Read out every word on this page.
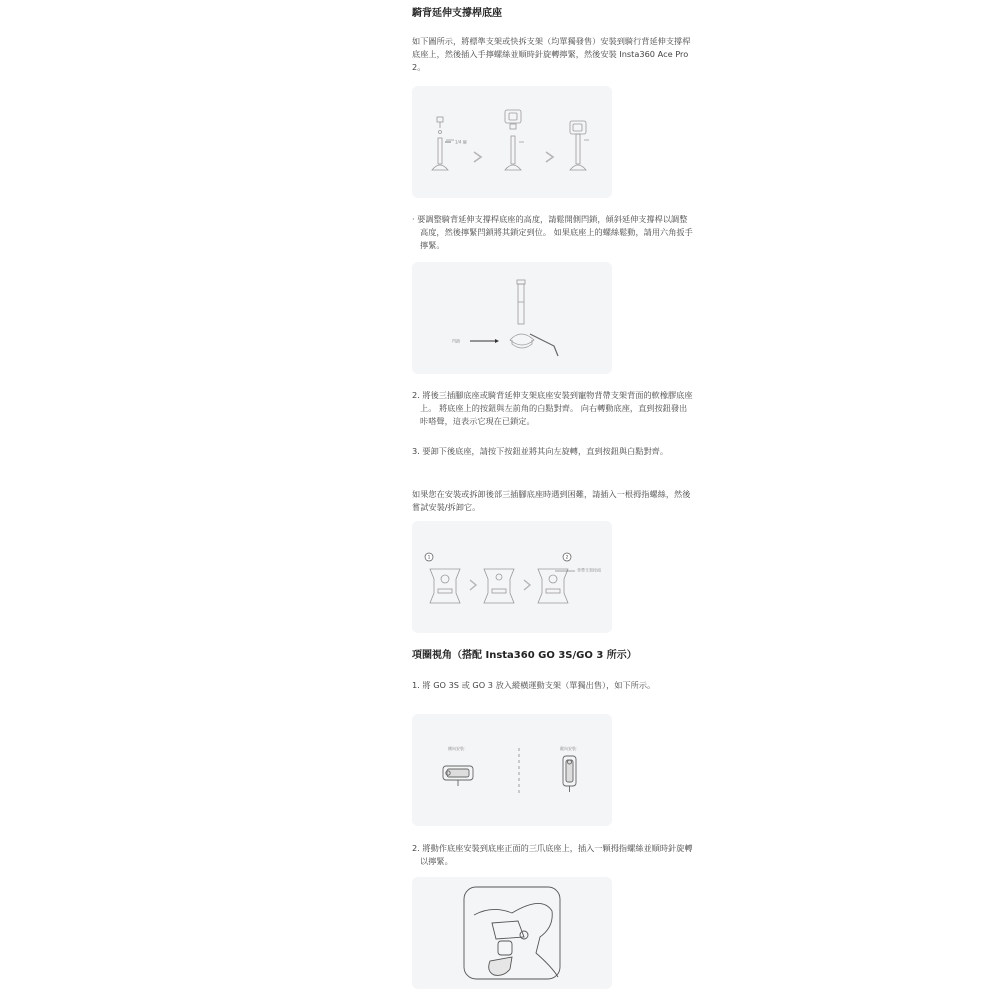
騎背延伸支撐桿底座

如下圖所示，將標準支架或快拆支架（均單獨發售）安裝到騎行背延伸支撐桿底座上，然後插入手擰螺絲並順時針旋轉擰緊，然後安裝 Insta360 Ace Pro 2。

1/4 螺

· 要調整騎背延伸支撐桿底座的高度，請鬆開側閂鎖，傾斜延伸支撐桿以調整高度，然後擰緊閂鎖將其鎖定到位。 如果底座上的螺絲鬆動，請用六角扳手擰緊。

閂鎖

2. 將後三插腳底座或騎背延伸支架底座安裝到寵物背帶支架背面的軟橡膠底座上。 將底座上的按鈕與左前角的白點對齊。 向右轉動底座，直到按鈕發出咔嗒聲，這表示它現在已鎖定。

3. 要卸下後底座，請按下按鈕並將其向左旋轉，直到按鈕與白點對齊。

如果您在安裝或拆卸後部三插腳底座時遇到困難，請插入一根拇指螺絲，然後嘗試安裝/拆卸它。

1	2
背帶支架按鈕
項圈視角（搭配 Insta360 GO 3S/GO 3 所示）

1. 將 GO 3S 或 GO 3 放入縱橫運動支架（單獨出售），如下所示。

橫向安裝：	縱向安裝：

2. 將動作底座安裝到底座正面的三爪底座上，插入一顆拇指螺絲並順時針旋轉以擰緊。
